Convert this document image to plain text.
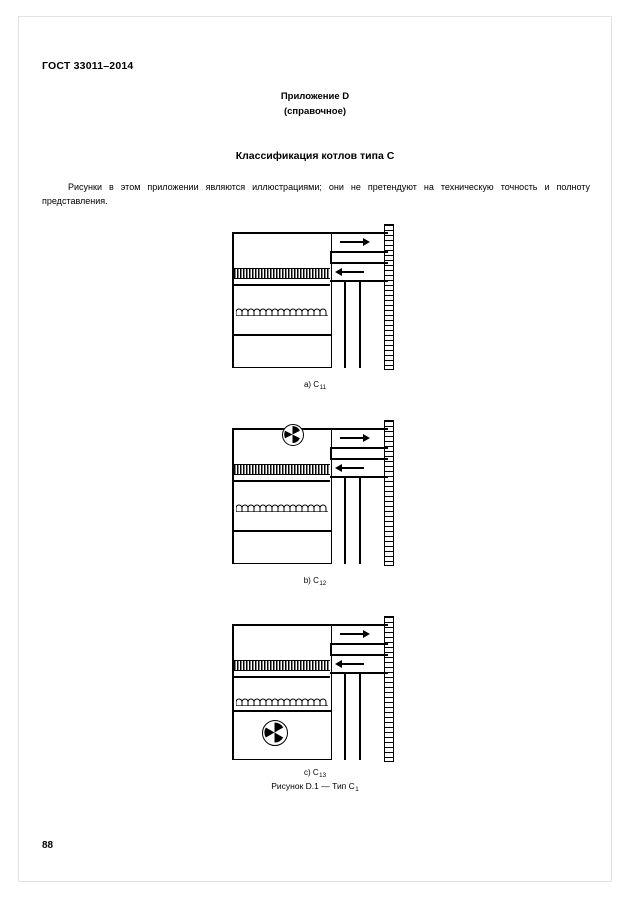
ГОСТ 33011–2014
Приложение D
(справочное)
Классификация котлов типа С
Рисунки в этом приложении являются иллюстрациями; они не претендуют на техническую точность и полноту представления.
a) $C_{11}$
b) $C_{12}$
c) $C_{13}$
Рисунок D.1 — Тип $C_1$
88
